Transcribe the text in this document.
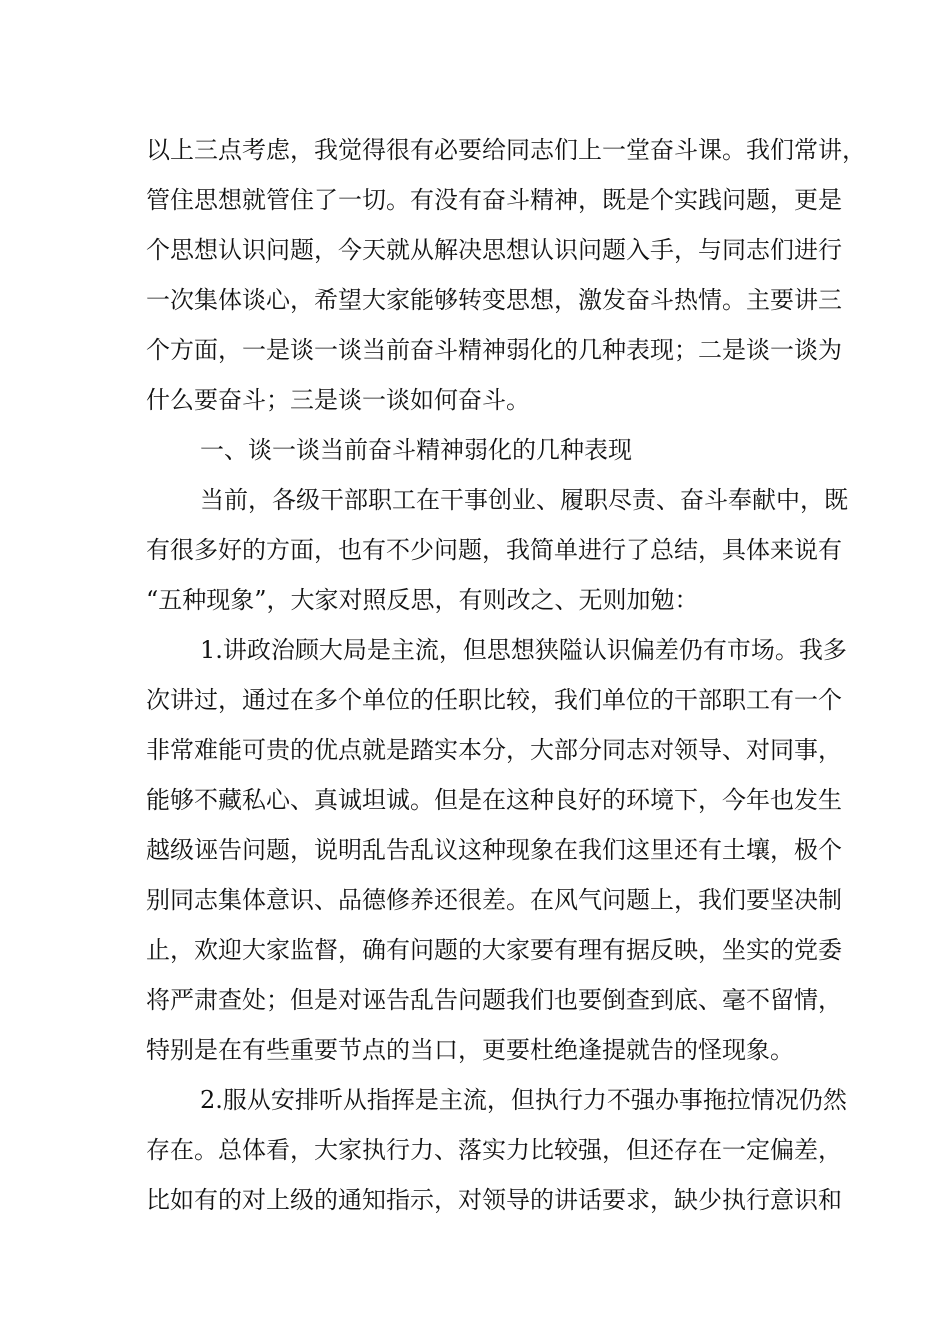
以上三点考虑，我觉得很有必要给同志们上一堂奋斗课。我们常讲，
管住思想就管住了一切。有没有奋斗精神，既是个实践问题，更是
个思想认识问题，今天就从解决思想认识问题入手，与同志们进行
一次集体谈心，希望大家能够转变思想，激发奋斗热情。主要讲三
个方面，一是谈一谈当前奋斗精神弱化的几种表现；二是谈一谈为
什么要奋斗；三是谈一谈如何奋斗。
一、谈一谈当前奋斗精神弱化的几种表现
当前，各级干部职工在干事创业、履职尽责、奋斗奉献中，既
有很多好的方面，也有不少问题，我简单进行了总结，具体来说有
“五种现象”，大家对照反思，有则改之、无则加勉：
1.讲政治顾大局是主流，但思想狭隘认识偏差仍有市场。我多
次讲过，通过在多个单位的任职比较，我们单位的干部职工有一个
非常难能可贵的优点就是踏实本分，大部分同志对领导、对同事，
能够不藏私心、真诚坦诚。但是在这种良好的环境下，今年也发生
越级诬告问题，说明乱告乱议这种现象在我们这里还有土壤，极个
别同志集体意识、品德修养还很差。在风气问题上，我们要坚决制
止，欢迎大家监督，确有问题的大家要有理有据反映，坐实的党委
将严肃查处；但是对诬告乱告问题我们也要倒查到底、毫不留情，
特别是在有些重要节点的当口，更要杜绝逢提就告的怪现象。
2.服从安排听从指挥是主流，但执行力不强办事拖拉情况仍然
存在。总体看，大家执行力、落实力比较强，但还存在一定偏差，
比如有的对上级的通知指示，对领导的讲话要求，缺少执行意识和
